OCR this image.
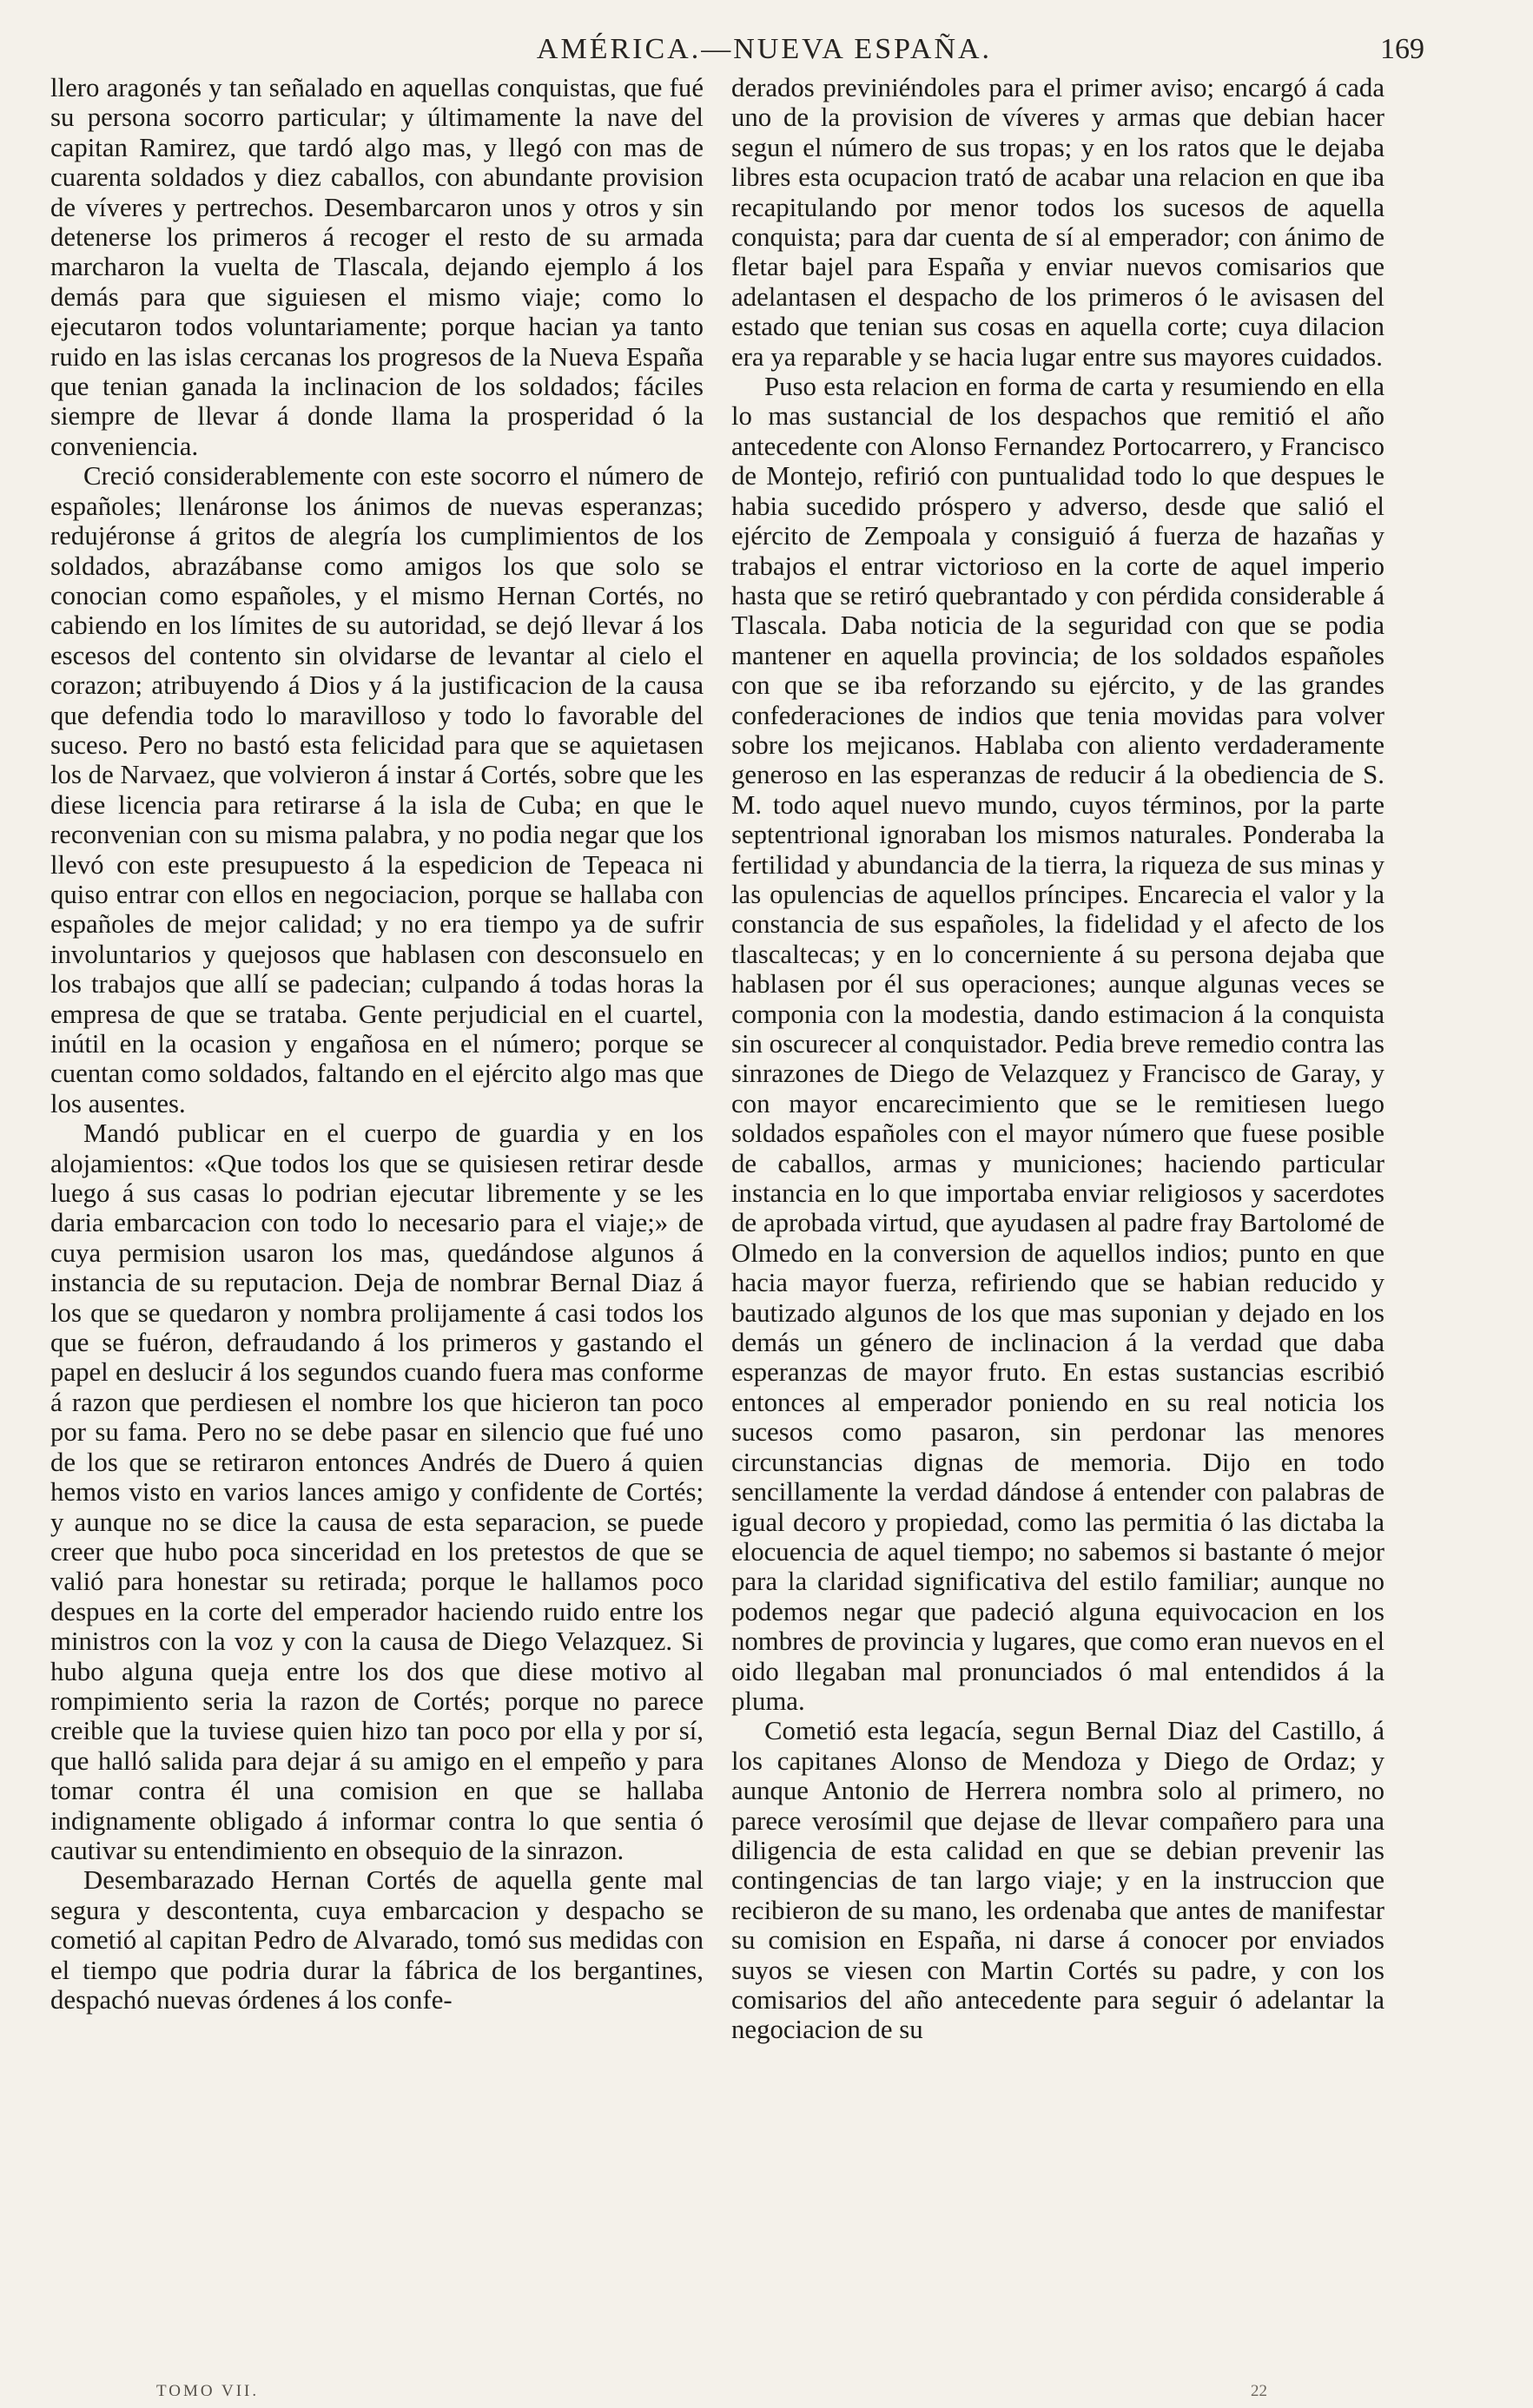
AMÉRICA.—NUEVA ESPAÑA.	169

llero aragonés y tan señalado en aquellas conquistas, que fué su persona socorro particular; y últimamente la nave del capitan Ramirez, que tardó algo mas, y llegó con mas de cuarenta soldados y diez caballos, con abundante provision de víveres y pertrechos. Desembarcaron unos y otros y sin detenerse los primeros á recoger el resto de su armada marcharon la vuelta de Tlascala, dejando ejemplo á los demás para que siguiesen el mismo viaje; como lo ejecutaron todos voluntariamente; porque hacian ya tanto ruido en las islas cercanas los progresos de la Nueva España que tenian ganada la inclinacion de los soldados; fáciles siempre de llevar á donde llama la prosperidad ó la conveniencia.

Creció considerablemente con este socorro el número de españoles; llenáronse los ánimos de nuevas esperanzas; redujéronse á gritos de alegría los cumplimientos de los soldados, abrazábanse como amigos los que solo se conocian como españoles, y el mismo Hernan Cortés, no cabiendo en los límites de su autoridad, se dejó llevar á los escesos del contento sin olvidarse de levantar al cielo el corazon; atribuyendo á Dios y á la justificacion de la causa que defendia todo lo maravilloso y todo lo favorable del suceso. Pero no bastó esta felicidad para que se aquietasen los de Narvaez, que volvieron á instar á Cortés, sobre que les diese licencia para retirarse á la isla de Cuba; en que le reconvenian con su misma palabra, y no podia negar que los llevó con este presupuesto á la espedicion de Tepeaca ni quiso entrar con ellos en negociacion, porque se hallaba con españoles de mejor calidad; y no era tiempo ya de sufrir involuntarios y quejosos que hablasen con desconsuelo en los trabajos que allí se padecian; culpando á todas horas la empresa de que se trataba. Gente perjudicial en el cuartel, inútil en la ocasion y engañosa en el número; porque se cuentan como soldados, faltando en el ejército algo mas que los ausentes.

Mandó publicar en el cuerpo de guardia y en los alojamientos: «Que todos los que se quisiesen retirar desde luego á sus casas lo podrian ejecutar libremente y se les daria embarcacion con todo lo necesario para el viaje;» de cuya permision usaron los mas, quedándose algunos á instancia de su reputacion. Deja de nombrar Bernal Diaz á los que se quedaron y nombra prolijamente á casi todos los que se fuéron, defraudando á los primeros y gastando el papel en deslucir á los segundos cuando fuera mas conforme á razon que perdiesen el nombre los que hicieron tan poco por su fama. Pero no se debe pasar en silencio que fué uno de los que se retiraron entonces Andrés de Duero á quien hemos visto en varios lances amigo y confidente de Cortés; y aunque no se dice la causa de esta separacion, se puede creer que hubo poca sinceridad en los pretestos de que se valió para honestar su retirada; porque le hallamos poco despues en la corte del emperador haciendo ruido entre los ministros con la voz y con la causa de Diego Velazquez. Si hubo alguna queja entre los dos que diese motivo al rompimiento seria la razon de Cortés; porque no parece creible que la tuviese quien hizo tan poco por ella y por sí, que halló salida para dejar á su amigo en el empeño y para tomar contra él una comision en que se hallaba indignamente obligado á informar contra lo que sentia ó cautivar su entendimiento en obsequio de la sinrazon.

Desembarazado Hernan Cortés de aquella gente mal segura y descontenta, cuya embarcacion y despacho se cometió al capitan Pedro de Alvarado, tomó sus medidas con el tiempo que podria durar la fábrica de los bergantines, despachó nuevas órdenes á los confe-

derados previniéndoles para el primer aviso; encargó á cada uno de la provision de víveres y armas que debian hacer segun el número de sus tropas; y en los ratos que le dejaba libres esta ocupacion trató de acabar una relacion en que iba recapitulando por menor todos los sucesos de aquella conquista; para dar cuenta de sí al emperador; con ánimo de fletar bajel para España y enviar nuevos comisarios que adelantasen el despacho de los primeros ó le avisasen del estado que tenian sus cosas en aquella corte; cuya dilacion era ya reparable y se hacia lugar entre sus mayores cuidados.

Puso esta relacion en forma de carta y resumiendo en ella lo mas sustancial de los despachos que remitió el año antecedente con Alonso Fernandez Portocarrero, y Francisco de Montejo, refirió con puntualidad todo lo que despues le habia sucedido próspero y adverso, desde que salió el ejército de Zempoala y consiguió á fuerza de hazañas y trabajos el entrar victorioso en la corte de aquel imperio hasta que se retiró quebrantado y con pérdida considerable á Tlascala. Daba noticia de la seguridad con que se podia mantener en aquella provincia; de los soldados españoles con que se iba reforzando su ejército, y de las grandes confederaciones de indios que tenia movidas para volver sobre los mejicanos. Hablaba con aliento verdaderamente generoso en las esperanzas de reducir á la obediencia de S. M. todo aquel nuevo mundo, cuyos términos, por la parte septentrional ignoraban los mismos naturales. Ponderaba la fertilidad y abundancia de la tierra, la riqueza de sus minas y las opulencias de aquellos príncipes. Encarecia el valor y la constancia de sus españoles, la fidelidad y el afecto de los tlascaltecas; y en lo concerniente á su persona dejaba que hablasen por él sus operaciones; aunque algunas veces se componia con la modestia, dando estimacion á la conquista sin oscurecer al conquistador. Pedia breve remedio contra las sinrazones de Diego de Velazquez y Francisco de Garay, y con mayor encarecimiento que se le remitiesen luego soldados españoles con el mayor número que fuese posible de caballos, armas y municiones; haciendo particular instancia en lo que importaba enviar religiosos y sacerdotes de aprobada virtud, que ayudasen al padre fray Bartolomé de Olmedo en la conversion de aquellos indios; punto en que hacia mayor fuerza, refiriendo que se habian reducido y bautizado algunos de los que mas suponian y dejado en los demás un género de inclinacion á la verdad que daba esperanzas de mayor fruto. En estas sustancias escribió entonces al emperador poniendo en su real noticia los sucesos como pasaron, sin perdonar las menores circunstancias dignas de memoria. Dijo en todo sencillamente la verdad dándose á entender con palabras de igual decoro y propiedad, como las permitia ó las dictaba la elocuencia de aquel tiempo; no sabemos si bastante ó mejor para la claridad significativa del estilo familiar; aunque no podemos negar que padeció alguna equivocacion en los nombres de provincia y lugares, que como eran nuevos en el oido llegaban mal pronunciados ó mal entendidos á la pluma.

Cometió esta legacía, segun Bernal Diaz del Castillo, á los capitanes Alonso de Mendoza y Diego de Ordaz; y aunque Antonio de Herrera nombra solo al primero, no parece verosímil que dejase de llevar compañero para una diligencia de esta calidad en que se debian prevenir las contingencias de tan largo viaje; y en la instruccion que recibieron de su mano, les ordenaba que antes de manifestar su comision en España, ni darse á conocer por enviados suyos se viesen con Martin Cortés su padre, y con los comisarios del año antecedente para seguir ó adelantar la negociacion de su

TOMO VII.	22
